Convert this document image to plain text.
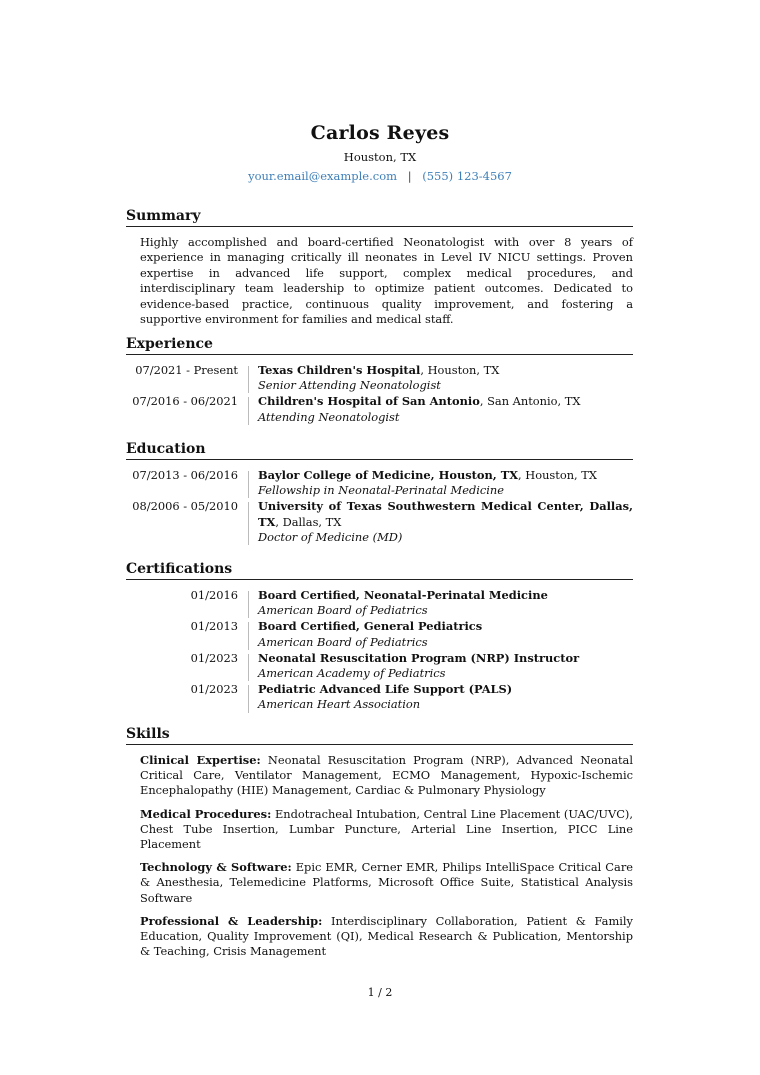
Carlos Reyes
Houston, TX
your.email@example.com | (555) 123-4567
Summary
Highly accomplished and board-certified Neonatologist with over 8 years of experience in managing critically ill neonates in Level IV NICU settings. Proven expertise in advanced life support, complex medical procedures, and interdisciplinary team leadership to optimize patient outcomes. Dedicated to evidence-based practice, continuous quality improvement, and fostering a supportive environment for families and medical staff.
Experience
07/2021 - Present Texas Children's Hospital, Houston, TX
Senior Attending Neonatologist
07/2016 - 06/2021 Children's Hospital of San Antonio, San Antonio, TX
Attending Neonatologist
Education
07/2013 - 06/2016 Baylor College of Medicine, Houston, TX, Houston, TX
Fellowship in Neonatal-Perinatal Medicine
08/2006 - 05/2010 University of Texas Southwestern Medical Center, Dallas, TX, Dallas, TX
Doctor of Medicine (MD)
Certifications
01/2016 Board Certified, Neonatal-Perinatal Medicine
American Board of Pediatrics
01/2013 Board Certified, General Pediatrics
American Board of Pediatrics
01/2023 Neonatal Resuscitation Program (NRP) Instructor
American Academy of Pediatrics
01/2023 Pediatric Advanced Life Support (PALS)
American Heart Association
Skills
Clinical Expertise: Neonatal Resuscitation Program (NRP), Advanced Neonatal Critical Care, Ventilator Management, ECMO Management, Hypoxic-Ischemic Encephalopathy (HIE) Management, Cardiac & Pulmonary Physiology
Medical Procedures: Endotracheal Intubation, Central Line Placement (UAC/UVC), Chest Tube Insertion, Lumbar Puncture, Arterial Line Insertion, PICC Line Placement
Technology & Software: Epic EMR, Cerner EMR, Philips IntelliSpace Critical Care & Anesthesia, Telemedicine Platforms, Microsoft Office Suite, Statistical Analysis Software
Professional & Leadership: Interdisciplinary Collaboration, Patient & Family Education, Quality Improvement (QI), Medical Research & Publication, Mentorship & Teaching, Crisis Management
1 / 2
